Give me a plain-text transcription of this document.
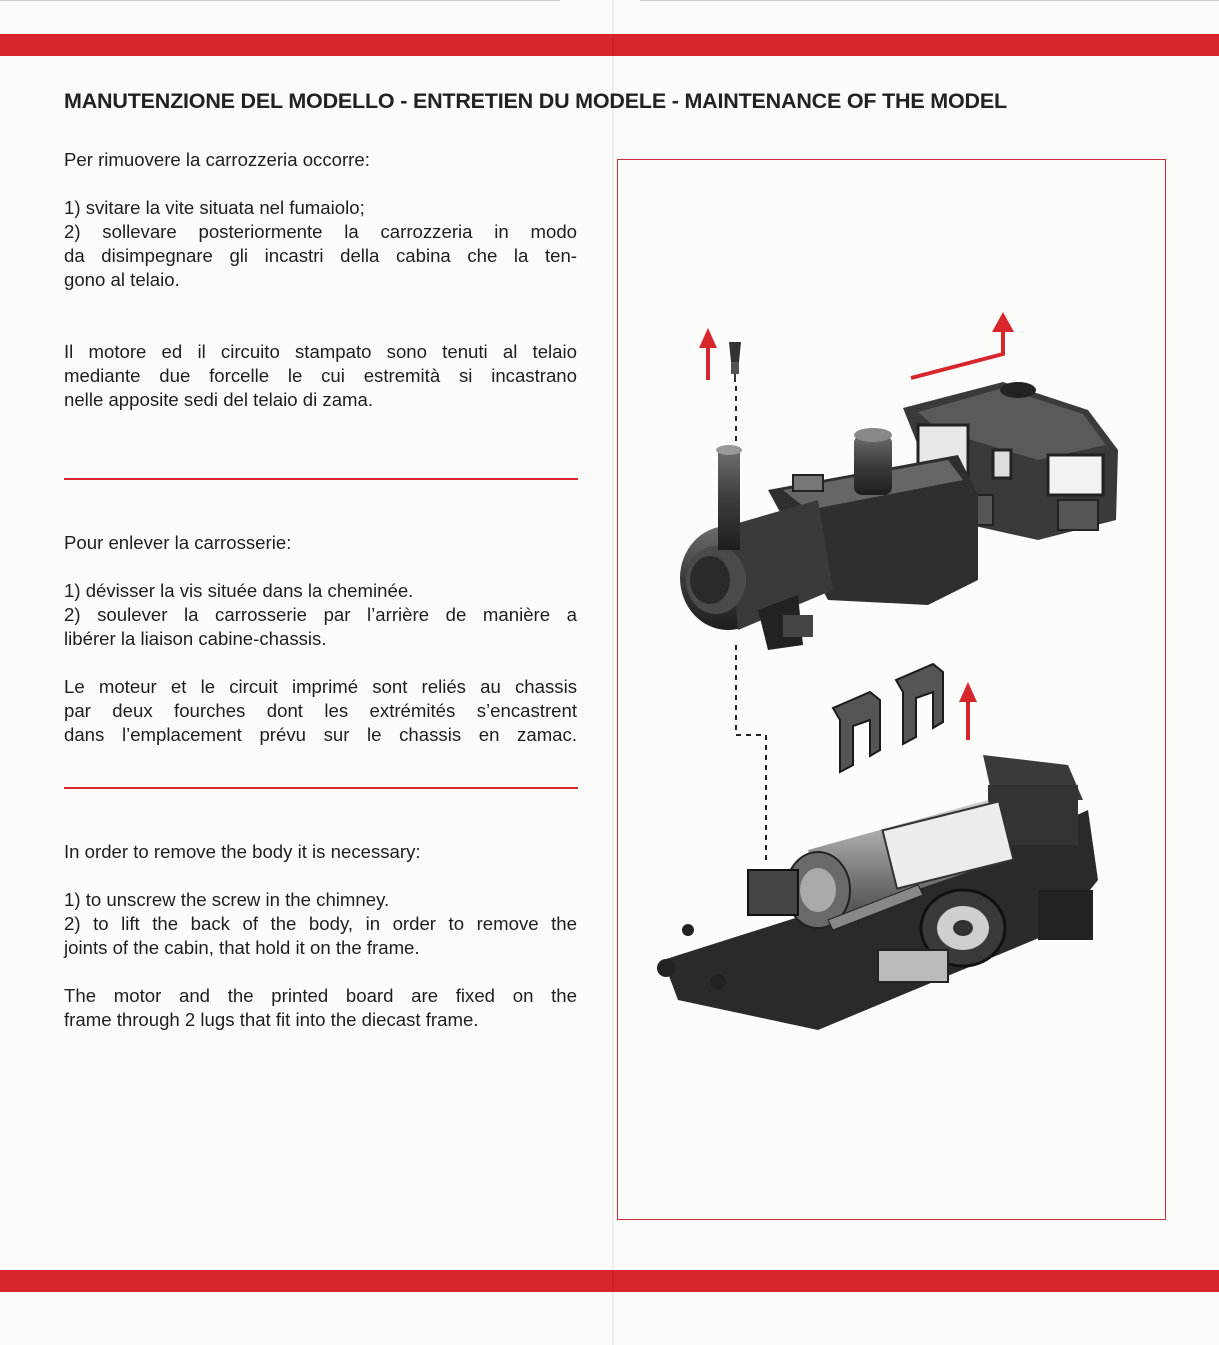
MANUTENZIONE DEL MODELLO - ENTRETIEN DU MODELE - MAINTENANCE OF THE MODEL

Per rimuovere la carrozzeria occorre:

1) svitare la vite situata nel fumaiolo;

2) sollevare posteriormente la carrozzeria in modo

da disimpegnare gli incastri della cabina che la ten-

gono al telaio.

Il motore ed il circuito stampato sono tenuti al telaio

mediante due forcelle le cui estremità si incastrano

nelle apposite sedi del telaio di zama.

Pour enlever la carrosserie:

1) dévisser la vis située dans la cheminée.

2) soulever la carrosserie par l’arrière de manière a

libérer la liaison cabine-chassis.

Le moteur et le circuit imprimé sont reliés au chassis

par deux fourches dont les extrémités s’encastrent

dans l’emplacement prévu sur le chassis en zamac.

In order to remove the body it is necessary:

1) to unscrew the screw in the chimney.

2) to lift the back of the body, in order to remove the

joints of the cabin, that hold it on the frame.

The motor and the printed board are fixed on the

frame through 2 lugs that fit into the diecast frame.
